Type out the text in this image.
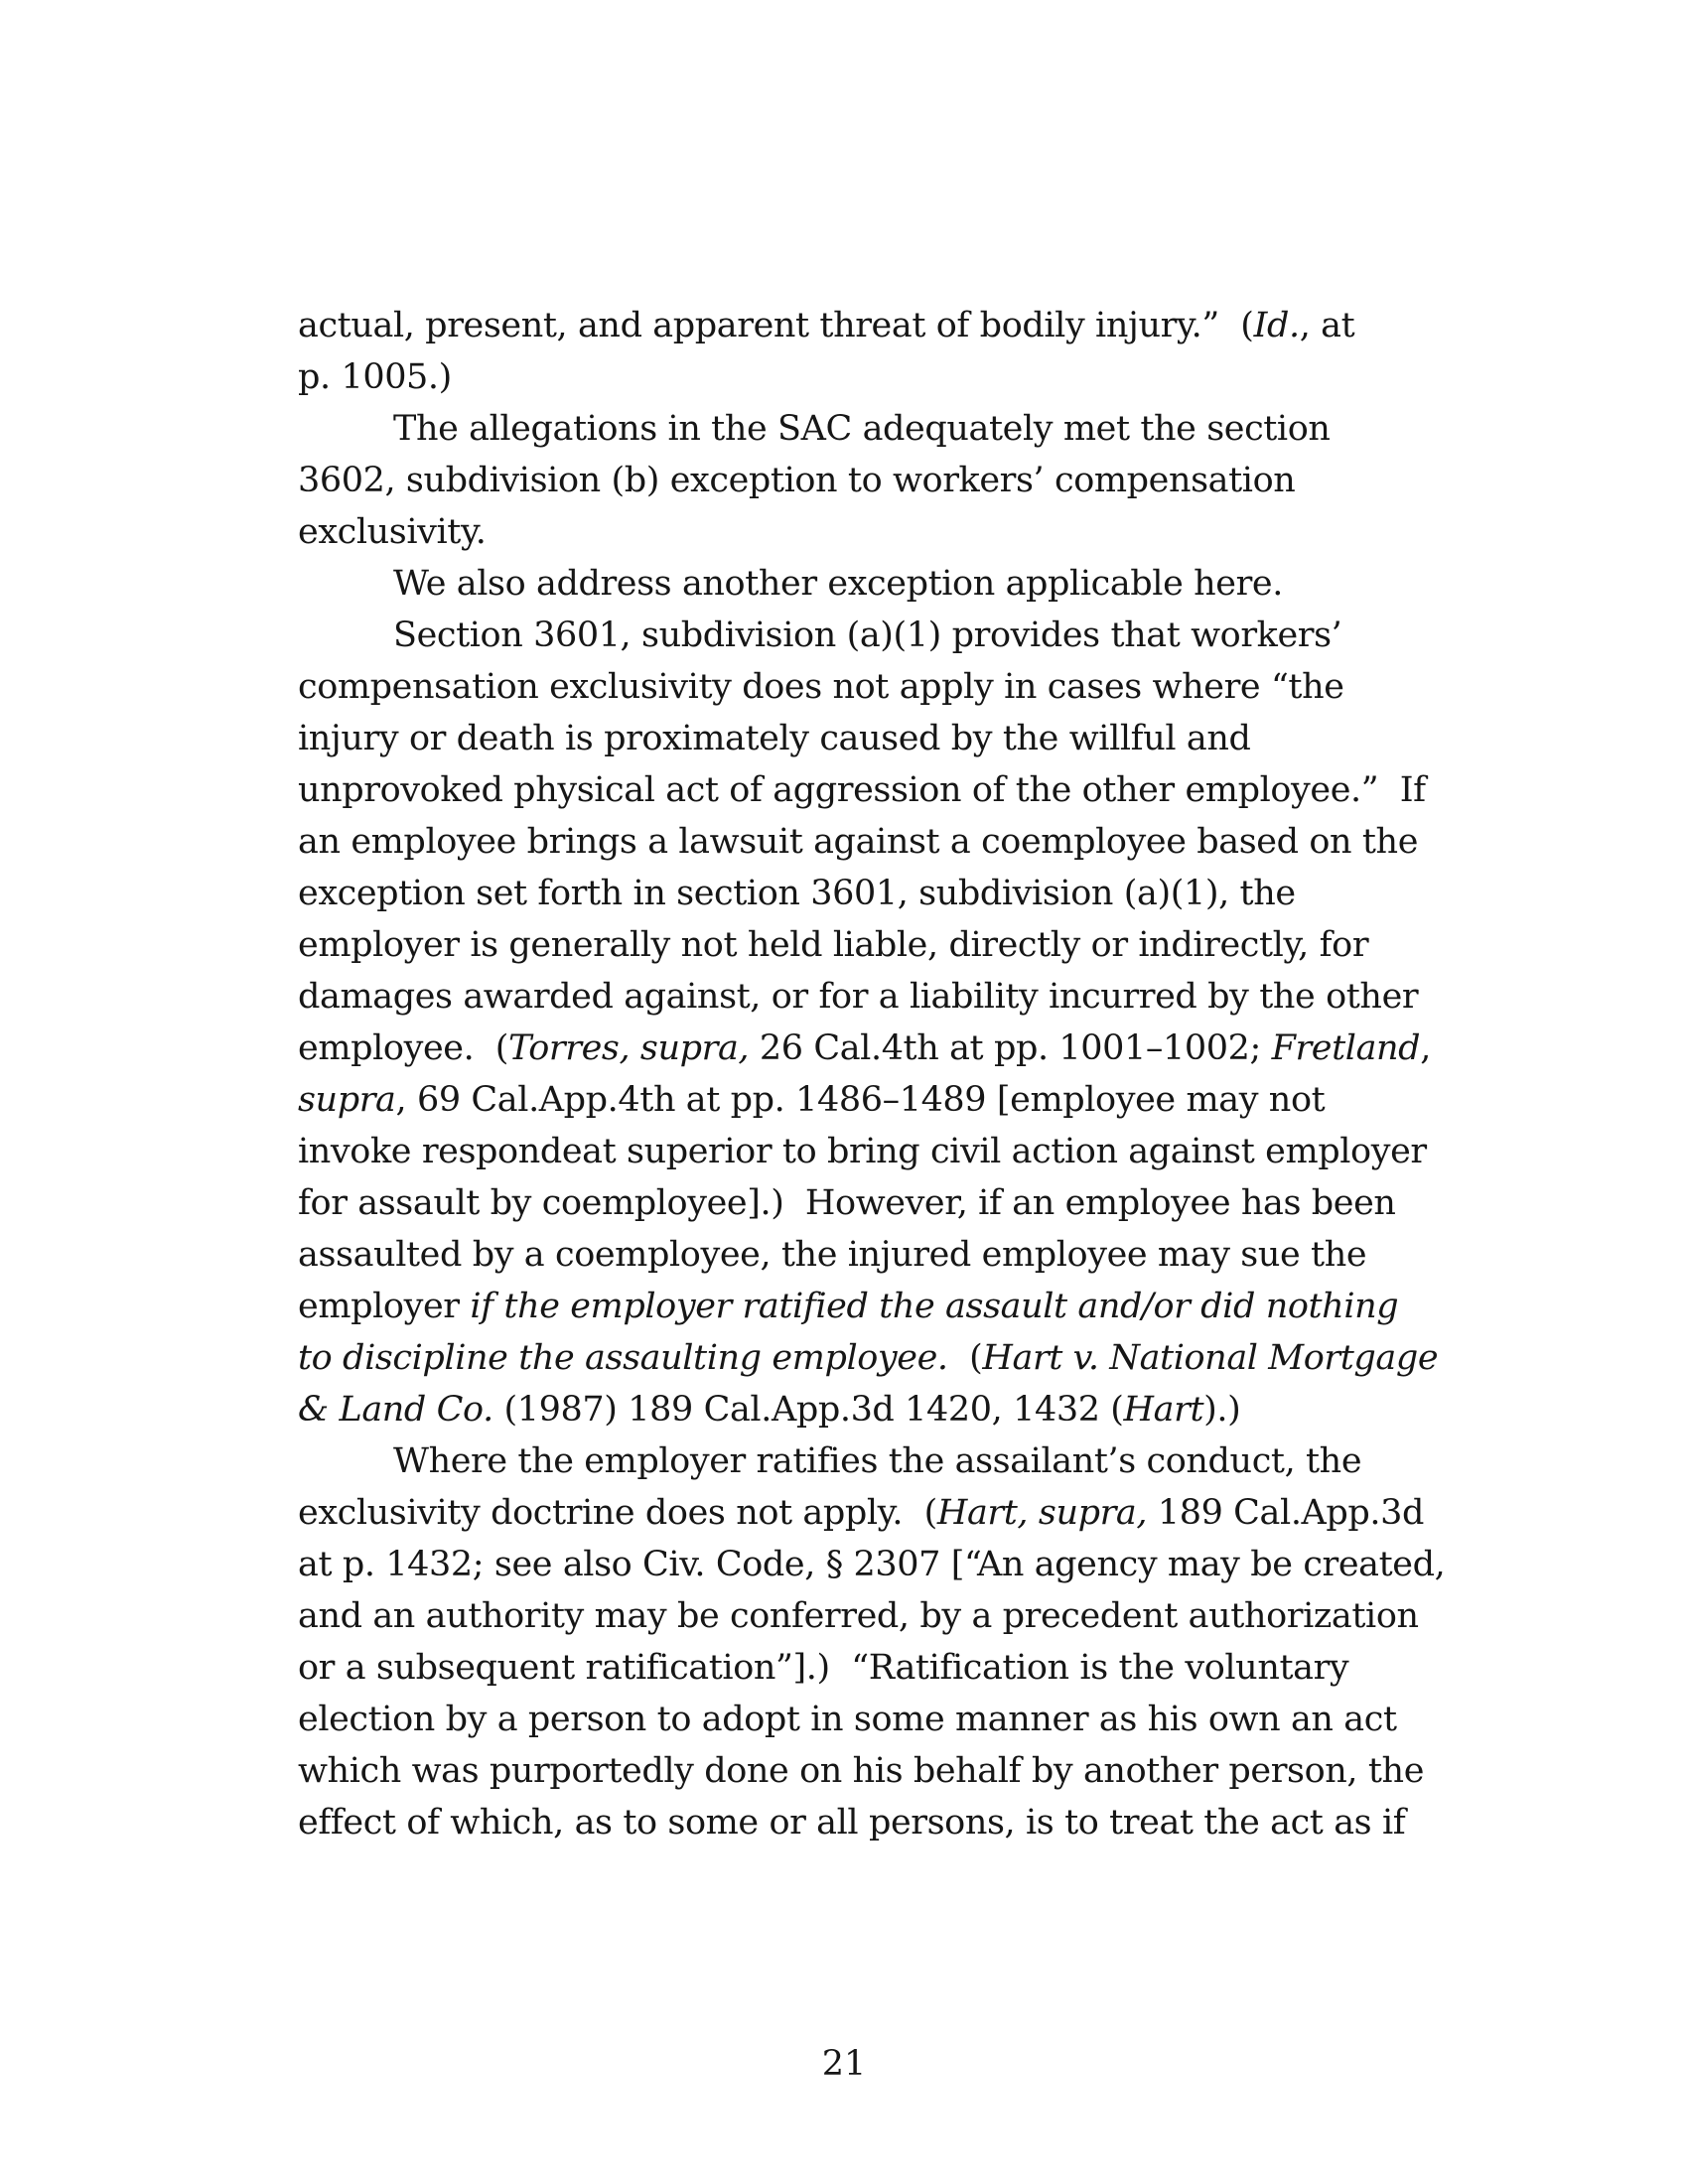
actual, present, and apparent threat of bodily injury.”  (Id., at
p. 1005.)
The allegations in the SAC adequately met the section
3602, subdivision (b) exception to workers’ compensation
exclusivity.
We also address another exception applicable here.
Section 3601, subdivision (a)(1) provides that workers’
compensation exclusivity does not apply in cases where “the
injury or death is proximately caused by the willful and
unprovoked physical act of aggression of the other employee.”  If
an employee brings a lawsuit against a coemployee based on the
exception set forth in section 3601, subdivision (a)(1), the
employer is generally not held liable, directly or indirectly, for
damages awarded against, or for a liability incurred by the other
employee.  (Torres, supra, 26 Cal.4th at pp. 1001–1002; Fretland,
supra, 69 Cal.App.4th at pp. 1486–1489 [employee may not
invoke respondeat superior to bring civil action against employer
for assault by coemployee].)  However, if an employee has been
assaulted by a coemployee, the injured employee may sue the
employer if the employer ratified the assault and/or did nothing
to discipline the assaulting employee.  (Hart v. National Mortgage
& Land Co. (1987) 189 Cal.App.3d 1420, 1432 (Hart).)
Where the employer ratifies the assailant’s conduct, the
exclusivity doctrine does not apply.  (Hart, supra, 189 Cal.App.3d
at p. 1432; see also Civ. Code, § 2307 [“An agency may be created,
and an authority may be conferred, by a precedent authorization
or a subsequent ratification”].)  “Ratification is the voluntary
election by a person to adopt in some manner as his own an act
which was purportedly done on his behalf by another person, the
effect of which, as to some or all persons, is to treat the act as if
21
